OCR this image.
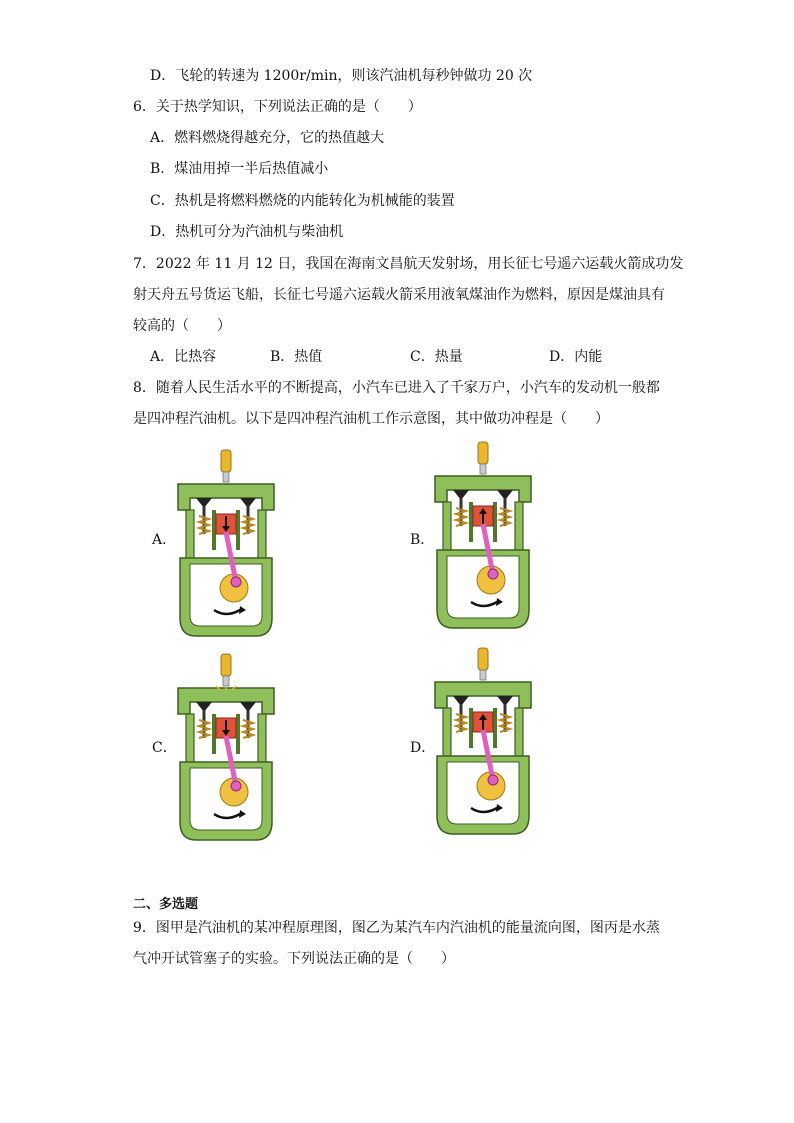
D．飞轮的转速为 1200r/min，则该汽油机每秒钟做功 20 次
6．关于热学知识，下列说法正确的是（　　）
A．燃料燃烧得越充分，它的热值越大
B．煤油用掉一半后热值减小
C．热机是将燃料燃烧的内能转化为机械能的装置
D．热机可分为汽油机与柴油机
7．2022 年 11 月 12 日，我国在海南文昌航天发射场，用长征七号遥六运载火箭成功发
射天舟五号货运飞船，长征七号遥六运载火箭采用液氧煤油作为燃料，原因是煤油具有
较高的（　　）
A．比热容	B．热值	C．热量	D．内能
8．随着人民生活水平的不断提高，小汽车已进入了千家万户，小汽车的发动机一般都
是四冲程汽油机。以下是四冲程汽油机工作示意图，其中做功冲程是（　　）
A．	B．
C．	D．
二、多选题
9．图甲是汽油机的某冲程原理图，图乙为某汽车内汽油机的能量流向图，图丙是水蒸
气冲开试管塞子的实验。下列说法正确的是（　　）
